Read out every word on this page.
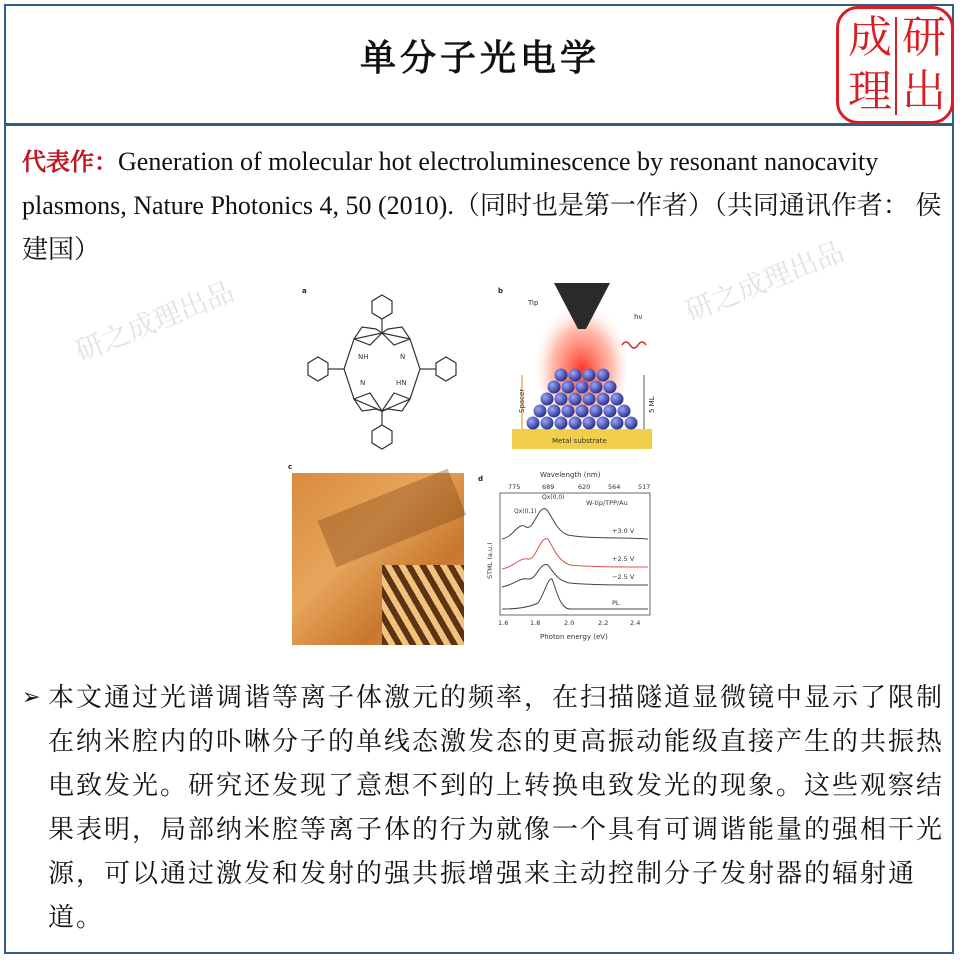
单分子光电学	成 研
理 出
研之成理出品	研之成理出品
代表作：Generation of molecular hot electroluminescence by resonant nanocavity plasmons, Nature Photonics 4, 50 (2010).（同时也是第一作者）（共同通讯作者： 侯建国）
a
NH	N
N	HN
b
Tip
hν
Metal substrate
Spacer	5 ML
c
d	Wavelength (nm)
775	689	620	564	517
STML (a.u.)
W-tip/TPP/Au
Qx(0,1)
Qx(0,0)
+3.0 V
+2.5 V
−2.5 V
PL
1.6	1.8	2.0	2.2	2.4
Photon energy (eV)
➢ 本文通过光谱调谐等离子体激元的频率，在扫描隧道显微镜中显示了限制在纳米腔内的卟啉分子的单线态激发态的更高振动能级直接产生的共振热电致发光。研究还发现了意想不到的上转换电致发光的现象。这些观察结果表明，局部纳米腔等离子体的行为就像一个具有可调谐能量的强相干光源，可以通过激发和发射的强共振增强来主动控制分子发射器的辐射通道。
